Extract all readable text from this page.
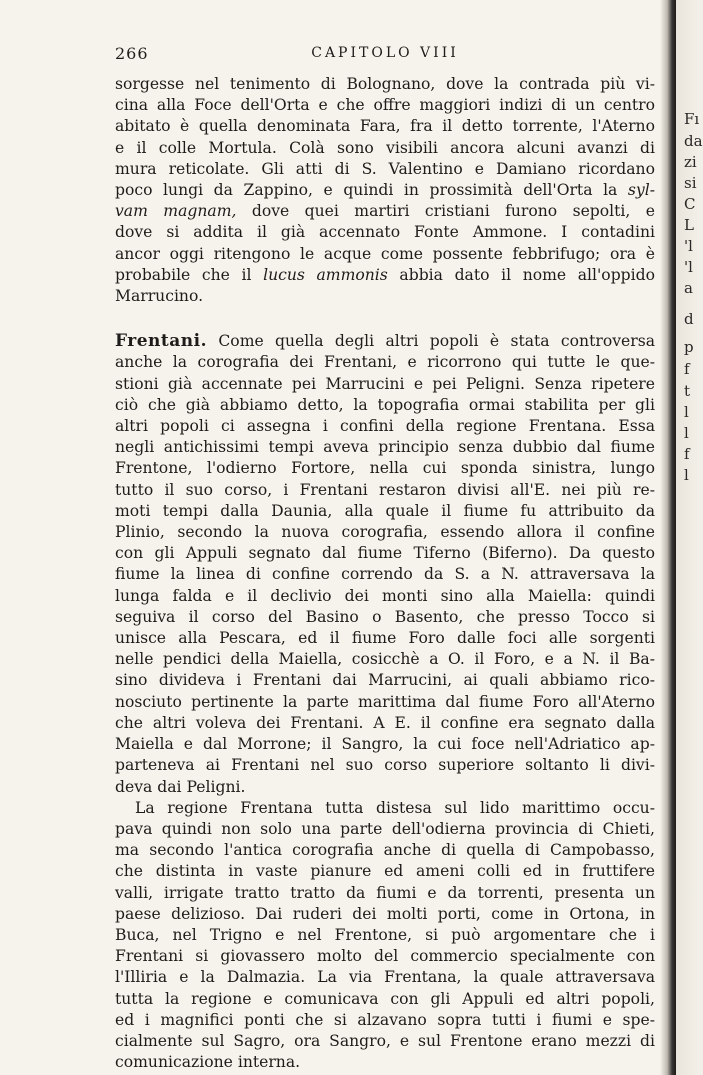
Fı
da
zi
si
C
L
'l
'l
a
d
p
f
t
l
l
f
l
266	CAPITOLO VIII

sorgesse nel tenimento di Bolognano, dove la contrada più vi-
cina alla Foce dell'Orta e che offre maggiori indizi di un centro
abitato è quella denominata Fara, fra il detto torrente, l'Aterno
e il colle Mortula. Colà sono visibili ancora alcuni avanzi di
mura reticolate. Gli atti di S. Valentino e Damiano ricordano
poco lungi da Zappino, e quindi in prossimità dell'Orta la syl-
vam magnam, dove quei martiri cristiani furono sepolti, e
dove si addita il già accennato Fonte Ammone. I contadini
ancor oggi ritengono le acque come possente febbrifugo; ora è
probabile che il lucus ammonis abbia dato il nome all'oppido
Marrucino.

Frentani. Come quella degli altri popoli è stata controversa
anche la corografia dei Frentani, e ricorrono qui tutte le que-
stioni già accennate pei Marrucini e pei Peligni. Senza ripetere
ciò che già abbiamo detto, la topografia ormai stabilita per gli
altri popoli ci assegna i confini della regione Frentana. Essa
negli antichissimi tempi aveva principio senza dubbio dal fiume
Frentone, l'odierno Fortore, nella cui sponda sinistra, lungo
tutto il suo corso, i Frentani restaron divisi all'E. nei più re-
moti tempi dalla Daunia, alla quale il fiume fu attribuito da
Plinio, secondo la nuova corografia, essendo allora il confine
con gli Appuli segnato dal fiume Tiferno (Biferno). Da questo
fiume la linea di confine correndo da S. a N. attraversava la
lunga falda e il declivio dei monti sino alla Maiella: quindi
seguiva il corso del Basino o Basento, che presso Tocco si
unisce alla Pescara, ed il fiume Foro dalle foci alle sorgenti
nelle pendici della Maiella, cosicchè a O. il Foro, e a N. il Ba-
sino divideva i Frentani dai Marrucini, ai quali abbiamo rico-
nosciuto pertinente la parte marittima dal fiume Foro all'Aterno
che altri voleva dei Frentani. A E. il confine era segnato dalla
Maiella e dal Morrone; il Sangro, la cui foce nell'Adriatico ap-
parteneva ai Frentani nel suo corso superiore soltanto li divi-
deva dai Peligni.

La regione Frentana tutta distesa sul lido marittimo occu-
pava quindi non solo una parte dell'odierna provincia di Chieti,
ma secondo l'antica corografia anche di quella di Campobasso,
che distinta in vaste pianure ed ameni colli ed in fruttifere
valli, irrigate tratto tratto da fiumi e da torrenti, presenta un
paese delizioso. Dai ruderi dei molti porti, come in Ortona, in
Buca, nel Trigno e nel Frentone, si può argomentare che i
Frentani si giovassero molto del commercio specialmente con
l'Illiria e la Dalmazia. La via Frentana, la quale attraversava
tutta la regione e comunicava con gli Appuli ed altri popoli,
ed i magnifici ponti che si alzavano sopra tutti i fiumi e spe-
cialmente sul Sagro, ora Sangro, e sul Frentone erano mezzi di
comunicazione interna.
